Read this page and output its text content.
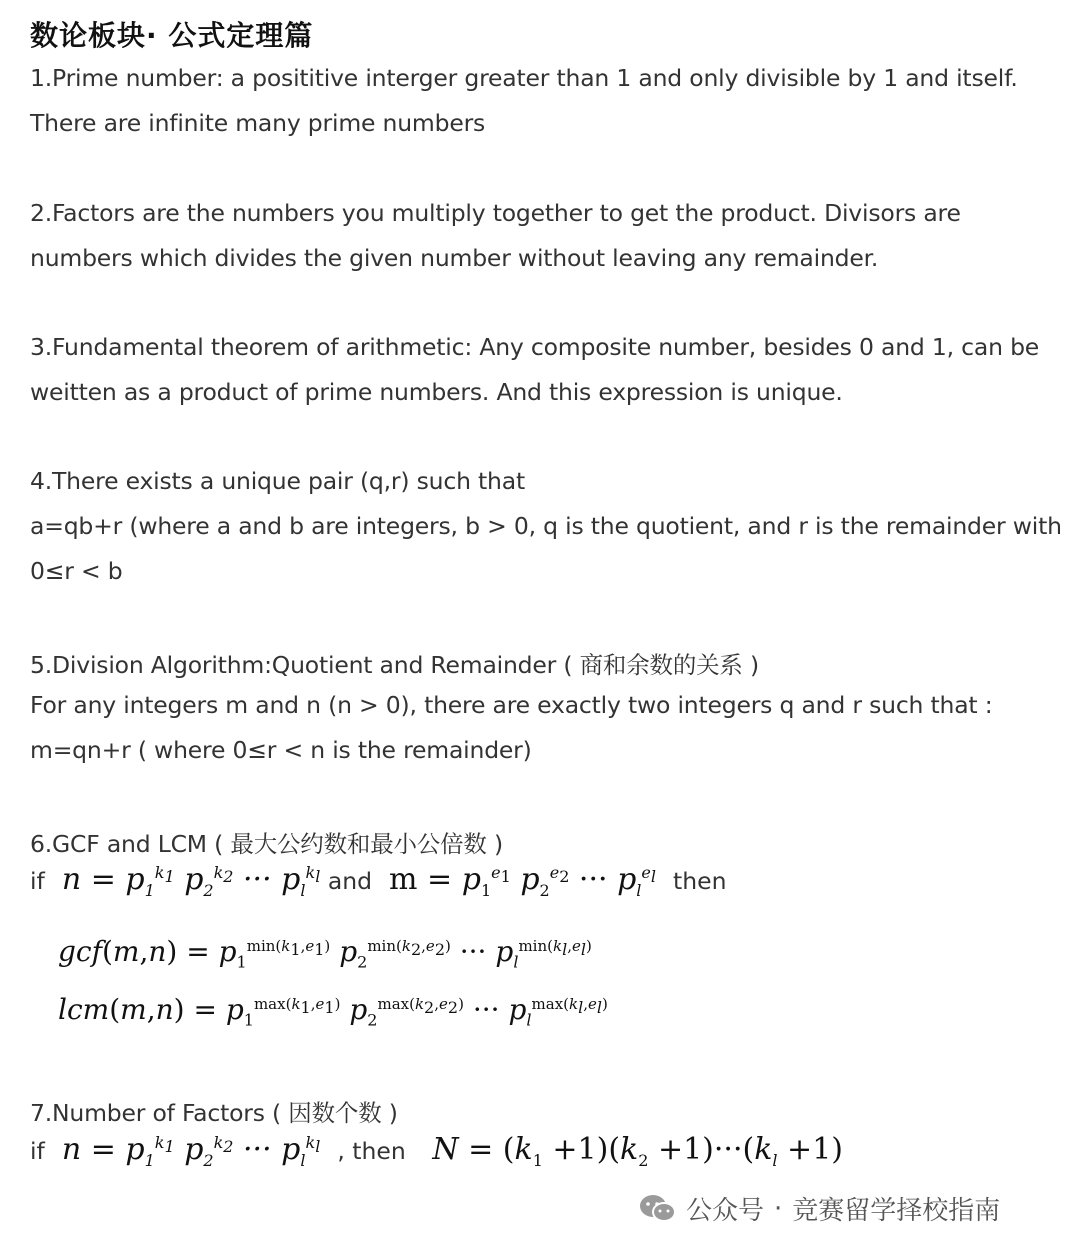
数论板块· 公式定理篇
1.Prime number: a posititive interger greater than 1 and only divisible by 1 and itself.
There are infinite many prime numbers
2.Factors are the numbers you multiply together to get the product. Divisors are
numbers which divides the given number without leaving any remainder.
3.Fundamental theorem of arithmetic: Any composite number, besides 0 and 1, can be
weitten as a product of prime numbers. And this expression is unique.
4.There exists a unique pair (q,r) such that
a=qb+r (where a and b are integers, b > 0, q is the quotient, and r is the remainder with
0≤r < b
5.Division Algorithm:Quotient and Remainder ( 商和余数的关系 )
For any integers m and n (n > 0), there are exactly two integers q and r such that :
m=qn+r ( where 0≤r < n is the remainder)
6.GCF and LCM ( 最大公约数和最小公倍数 )
if  $n = p_1^{k_1}$ $p_2^{k_2}$ ··· $p_l^{k_l}$ and  $m = p_1^{e_1}$ $p_2^{e_2}$ ··· $p_l^{e_l}$ then
$gcf(m,n) = p_1^{min(k_1,e_1)}$ $p_2^{min(k_2,e_2)}$ ··· $p_l^{min(k_l,e_l)}$
$lcm(m,n) = p_1^{max(k_1,e_1)}$ $p_2^{max(k_2,e_2)}$ ··· $p_l^{max(k_l,e_l)}$
7.Number of Factors ( 因数个数 )
if  $n = p_1^{k_1}$ $p_2^{k_2}$ ··· $p_l^{k_l}$ , then $N = (k_1 +1)(k_2 +1)\cdot\cdot\cdot(k_l +1)$
公众号 · 竞赛留学择校指南
